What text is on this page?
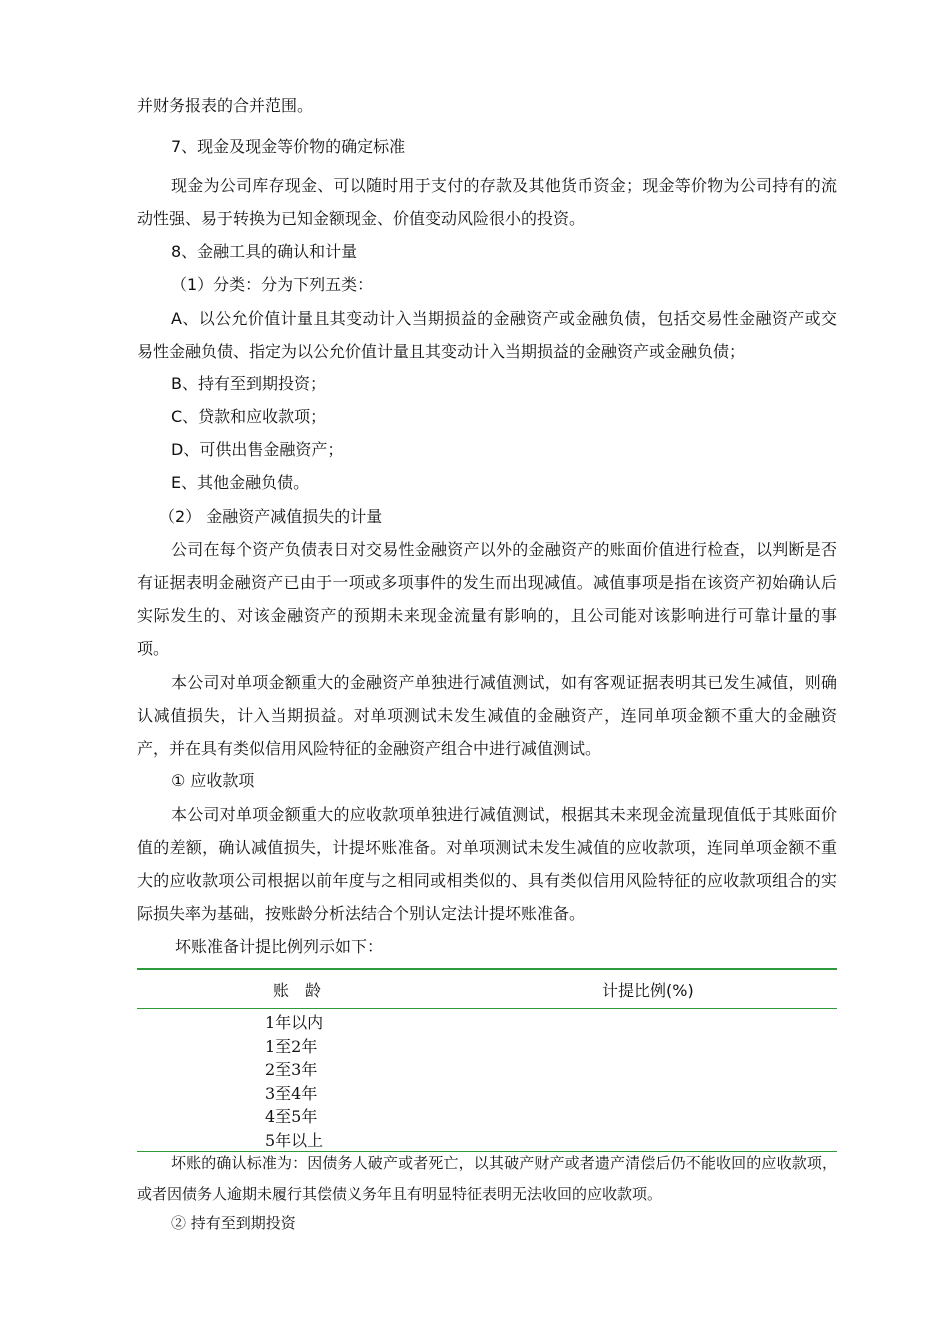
并财务报表的合并范围。
7、现金及现金等价物的确定标准
现金为公司库存现金、可以随时用于支付的存款及其他货币资金；现金等价物为公司持有的流动性强、易于转换为已知金额现金、价值变动风险很小的投资。
8、金融工具的确认和计量
（1）分类：分为下列五类：
A、以公允价值计量且其变动计入当期损益的金融资产或金融负债，包括交易性金融资产或交易性金融负债、指定为以公允价值计量且其变动计入当期损益的金融资产或金融负债；
B、持有至到期投资；
C、贷款和应收款项；
D、可供出售金融资产；
E、其他金融负债。
（2） 金融资产减值损失的计量
公司在每个资产负债表日对交易性金融资产以外的金融资产的账面价值进行检查，以判断是否有证据表明金融资产已由于一项或多项事件的发生而出现减值。减值事项是指在该资产初始确认后实际发生的、对该金融资产的预期未来现金流量有影响的，且公司能对该影响进行可靠计量的事项。
本公司对单项金额重大的金融资产单独进行减值测试，如有客观证据表明其已发生减值，则确认减值损失，计入当期损益。对单项测试未发生减值的金融资产，连同单项金额不重大的金融资产，并在具有类似信用风险特征的金融资产组合中进行减值测试。
① 应收款项
本公司对单项金额重大的应收款项单独进行减值测试，根据其未来现金流量现值低于其账面价值的差额，确认减值损失，计提坏账准备。对单项测试未发生减值的应收款项，连同单项金额不重大的应收款项公司根据以前年度与之相同或相类似的、具有类似信用风险特征的应收款项组合的实际损失率为基础，按账龄分析法结合个别认定法计提坏账准备。
坏账准备计提比例列示如下：
账　龄	计提比例(%)
1年以内
1至2年
2至3年
3至4年
4至5年
5年以上
坏账的确认标准为：因债务人破产或者死亡，以其破产财产或者遗产清偿后仍不能收回的应收款项，或者因债务人逾期未履行其偿债义务年且有明显特征表明无法收回的应收款项。
② 持有至到期投资
